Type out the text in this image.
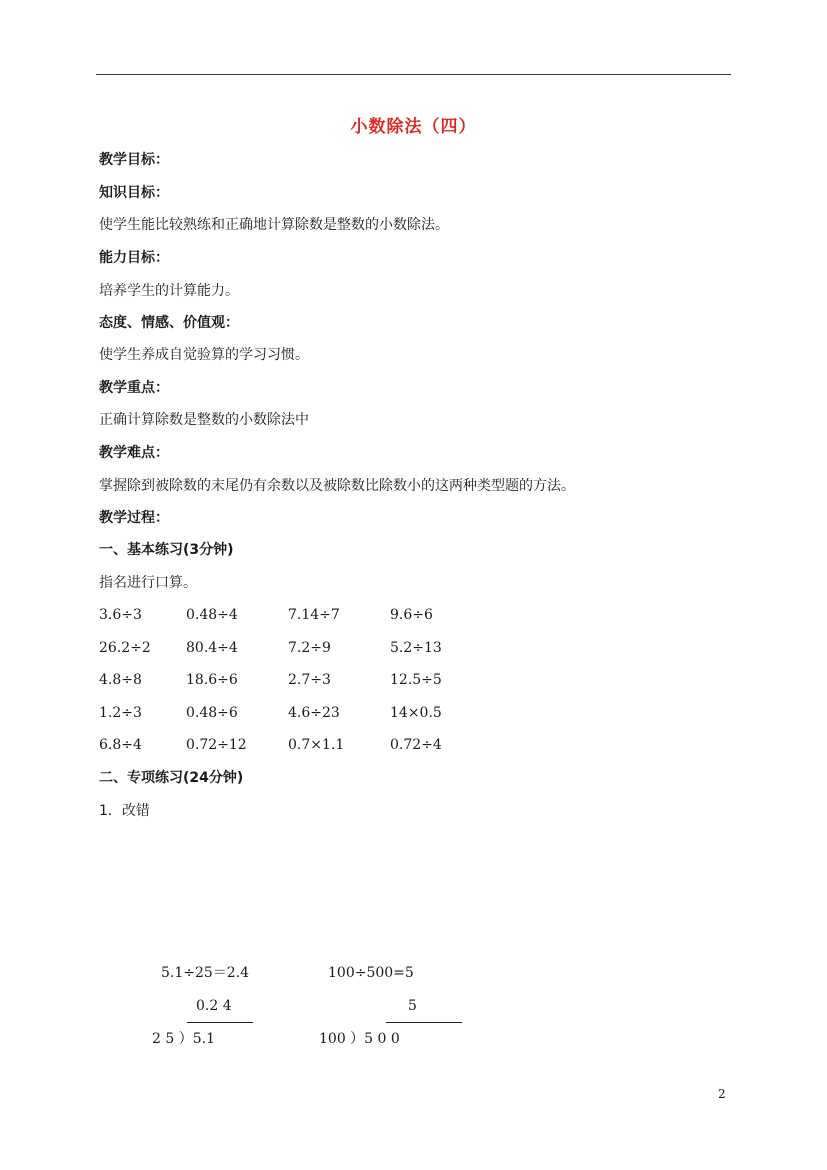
小数除法（四）
教学目标：
知识目标：
使学生能比较熟练和正确地计算除数是整数的小数除法。
能力目标：
培养学生的计算能力。
态度、情感、价值观：
使学生养成自觉验算的学习习惯。
教学重点：
正确计算除数是整数的小数除法中
教学难点：
掌握除到被除数的末尾仍有余数以及被除数比除数小的这两种类型题的方法。
教学过程：
一、基本练习(3分钟)
指名进行口算。
3.6÷3	0.48÷4	7.14÷7	9.6÷6
26.2÷2	80.4÷4	7.2÷9	5.2÷13
4.8÷8	18.6÷6	2.7÷3	12.5÷5
1.2÷3	0.48÷6	4.6÷23	14×0.5
6.8÷4	0.72÷12	0.7×1.1	0.72÷4
二、专项练习(24分钟)
1．改错
5.1÷25＝2.4	100÷500=5
0.2 4	5
2 5 ）5.1	100 ）5 0 0
2
